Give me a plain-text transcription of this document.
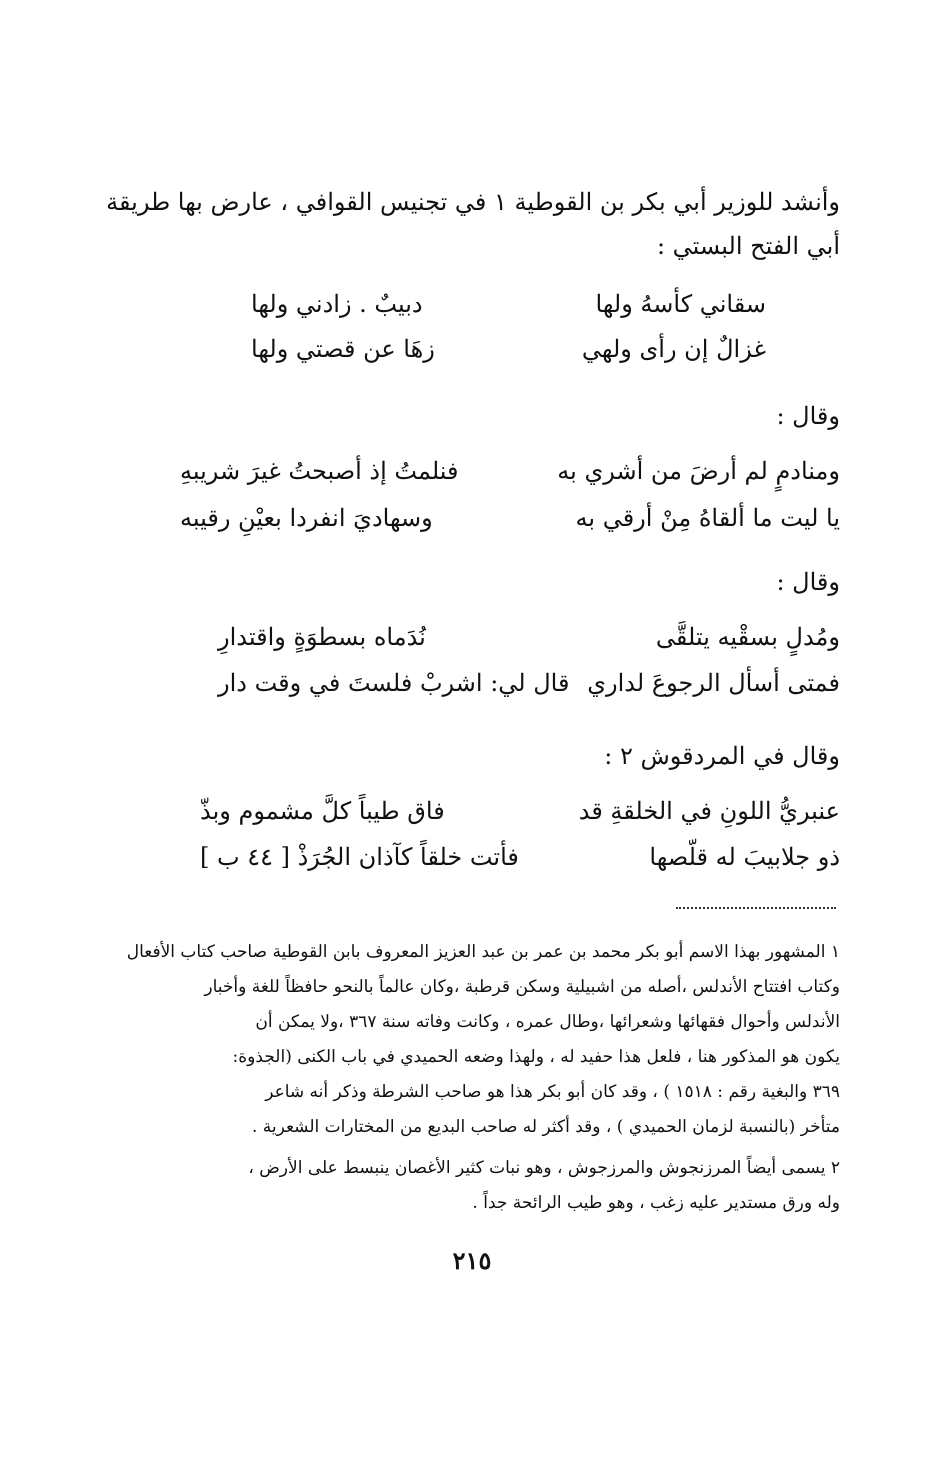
وأنشد للوزير أبي بكر بن القوطية ١ في تجنيس القوافي ، عارض بها طريقة
أبي الفتح البستي :
سقاني كأسهُ ولها
دبيبٌ . زادني ولها
غزالٌ إن رأى ولهي
زهَا عن قصتي ولها
وقال :
ومنادمٍ لم أرضَ من أشري به
فنلمتُ إذ أصبحتُ غيرَ شريبهِ
يا ليت ما ألقاهُ مِنْ أرقي به
وسهاديَ انفردا بعيْنِ رقيبه
وقال :
ومُدلٍ بسقْيه يتلقَّى
نُدَماه بسطوَةٍ واقتدارِ
فمتى أسأل الرجوعَ لداري
قال لي: اشربْ فلستَ في وقت دار
وقال في المردقوش ٢ :
عنبريُّ اللونِ في الخلقةِ قد
فاق طيباً كلَّ مشموم وبذّ
ذو جلابيبَ له قلّصها
فأتت خلقاً كآذان الجُرَذْ [ ٤٤ ب ]
١ المشهور بهذا الاسم أبو بكر محمد بن عمر بن عبد العزيز المعروف بابن القوطية صاحب كتاب الأفعال
وكتاب افتتاح الأندلس ،أصله من اشبيلية وسكن قرطبة ،وكان عالماً بالنحو حافظاً للغة وأخبار
الأندلس وأحوال فقهائها وشعرائها ،وطال عمره ، وكانت وفاته سنة ٣٦٧ ،ولا يمكن أن
يكون هو المذكور هنا ، فلعل هذا حفيد له ، ولهذا وضعه الحميدي في باب الكنى (الجذوة:
٣٦٩ والبغية رقم : ١٥١٨ ) ، وقد كان أبو بكر هذا هو صاحب الشرطة وذكر أنه شاعر
متأخر (بالنسبة لزمان الحميدي ) ، وقد أكثر له صاحب البديع من المختارات الشعرية .
٢ يسمى أيضاً المرزنجوش والمرزجوش ، وهو نبات كثير الأغصان ينبسط على الأرض ،
وله ورق مستدير عليه زغب ، وهو طيب الرائحة جداً .
٢١٥
